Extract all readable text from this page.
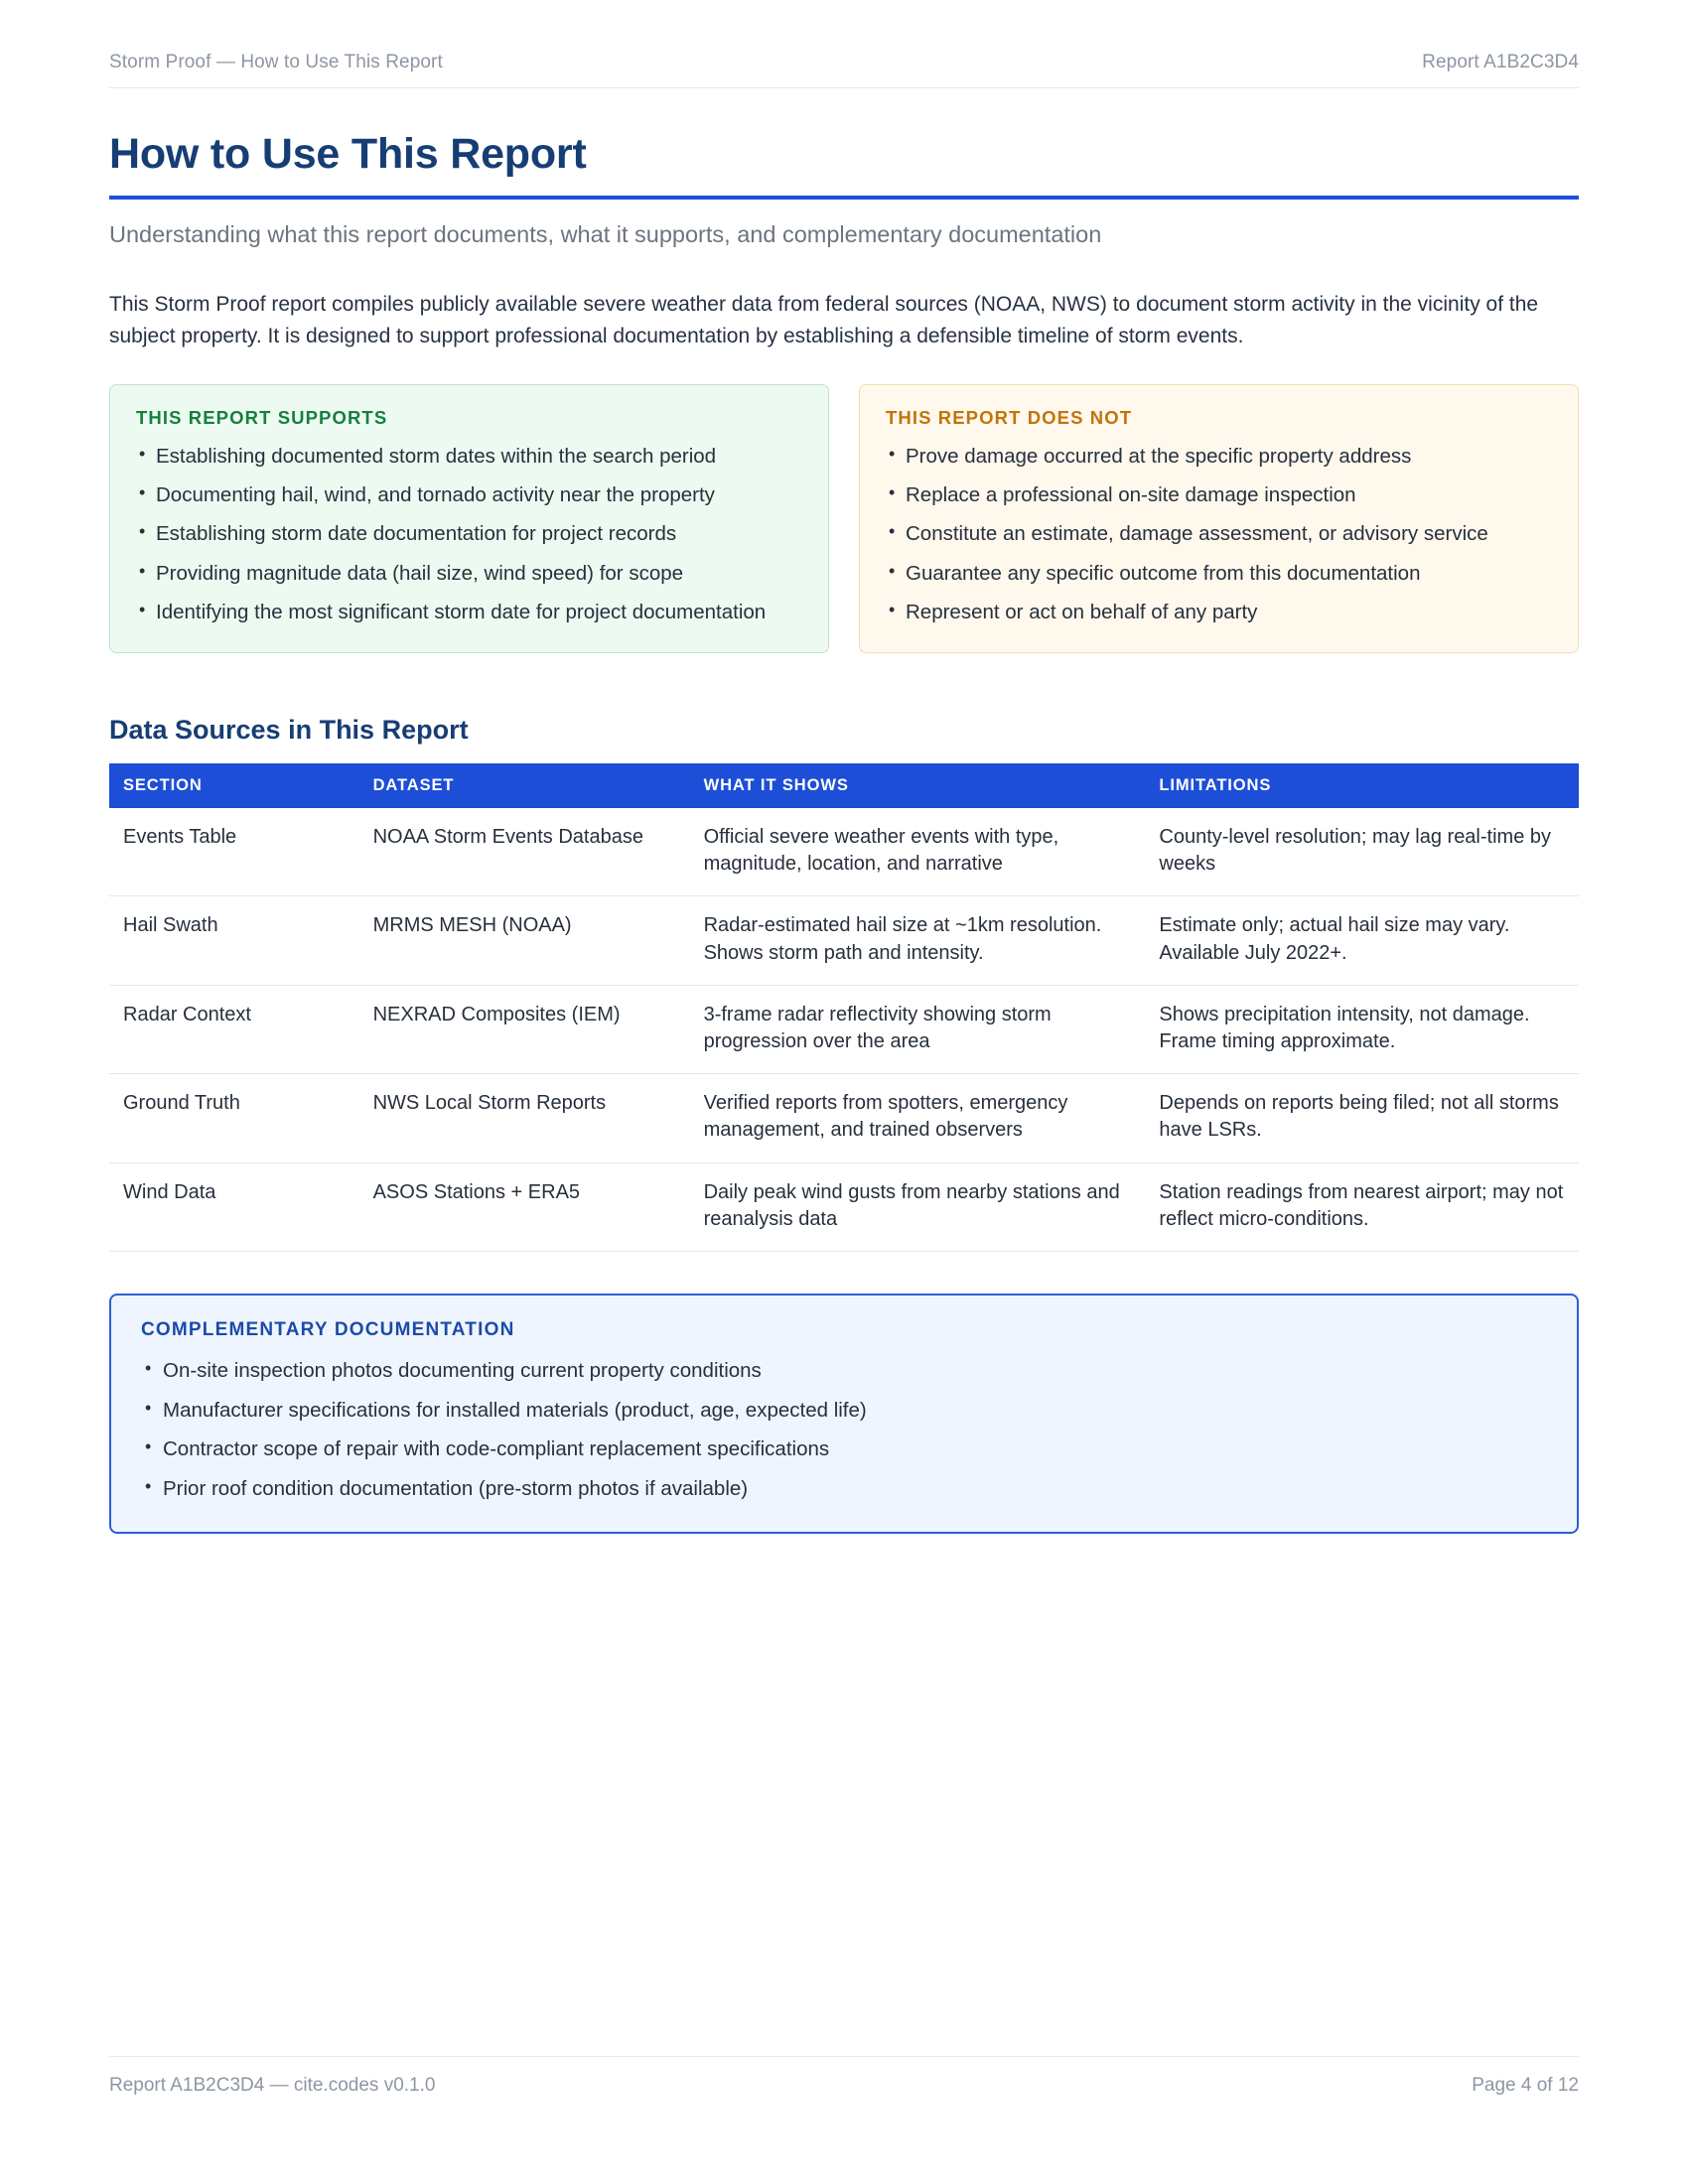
Storm Proof — How to Use This Report	Report A1B2C3D4
How to Use This Report
Understanding what this report documents, what it supports, and complementary documentation

This Storm Proof report compiles publicly available severe weather data from federal sources (NOAA, NWS) to document storm activity in the vicinity of the subject property. It is designed to support professional documentation by establishing a defensible timeline of storm events.

THIS REPORT SUPPORTS
• Establishing documented storm dates within the search period
• Documenting hail, wind, and tornado activity near the property
• Establishing storm date documentation for project records
• Providing magnitude data (hail size, wind speed) for scope
• Identifying the most significant storm date for project documentation
THIS REPORT DOES NOT
• Prove damage occurred at the specific property address
• Replace a professional on-site damage inspection
• Constitute an estimate, damage assessment, or advisory service
• Guarantee any specific outcome from this documentation
• Represent or act on behalf of any party
Data Sources in This Report
SECTION	DATASET	WHAT IT SHOWS	LIMITATIONS
Events Table	NOAA Storm Events Database	Official severe weather events with type, magnitude, location, and narrative	County-level resolution; may lag real-time by weeks
Hail Swath	MRMS MESH (NOAA)	Radar-estimated hail size at ~1km resolution. Shows storm path and intensity.	Estimate only; actual hail size may vary. Available July 2022+.
Radar Context	NEXRAD Composites (IEM)	3-frame radar reflectivity showing storm progression over the area	Shows precipitation intensity, not damage. Frame timing approximate.
Ground Truth	NWS Local Storm Reports	Verified reports from spotters, emergency management, and trained observers	Depends on reports being filed; not all storms have LSRs.
Wind Data	ASOS Stations + ERA5	Daily peak wind gusts from nearby stations and reanalysis data	Station readings from nearest airport; may not reflect micro-conditions.
COMPLEMENTARY DOCUMENTATION
• On-site inspection photos documenting current property conditions
• Manufacturer specifications for installed materials (product, age, expected life)
• Contractor scope of repair with code-compliant replacement specifications
• Prior roof condition documentation (pre-storm photos if available)
Report A1B2C3D4 — cite.codes v0.1.0	Page 4 of 12
